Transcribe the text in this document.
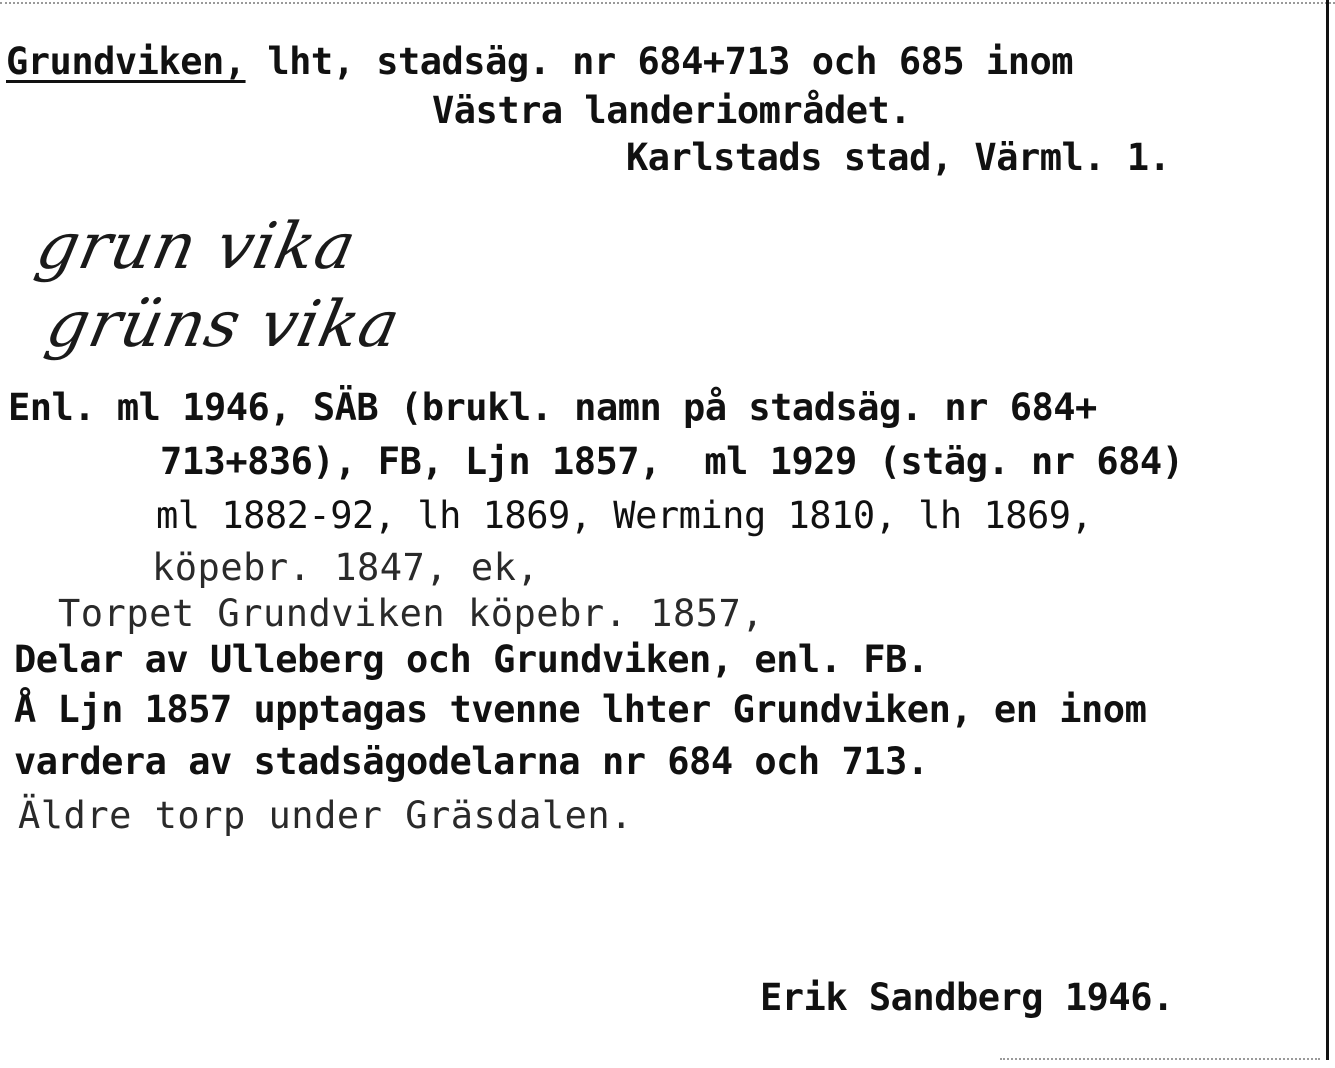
Grundviken, lht, stadsäg. nr 684+713 och 685 inom
Västra landeriområdet.
Karlstads stad, Värml. 1.
grun vika
grüns vika
Enl. ml 1946, SÄB (brukl. namn på stadsäg. nr 684+
713+836), FB, Ljn 1857,  ml 1929 (stäg. nr 684)
ml 1882-92, lh 1869, Werming 1810, lh 1869,
köpebr. 1847, ek,
Torpet Grundviken köpebr. 1857,
Delar av Ulleberg och Grundviken, enl. FB.
Å Ljn 1857 upptagas tvenne lhter Grundviken, en inom
vardera av stadsägodelarna nr 684 och 713.
Äldre torp under Gräsdalen.
Erik Sandberg 1946.
